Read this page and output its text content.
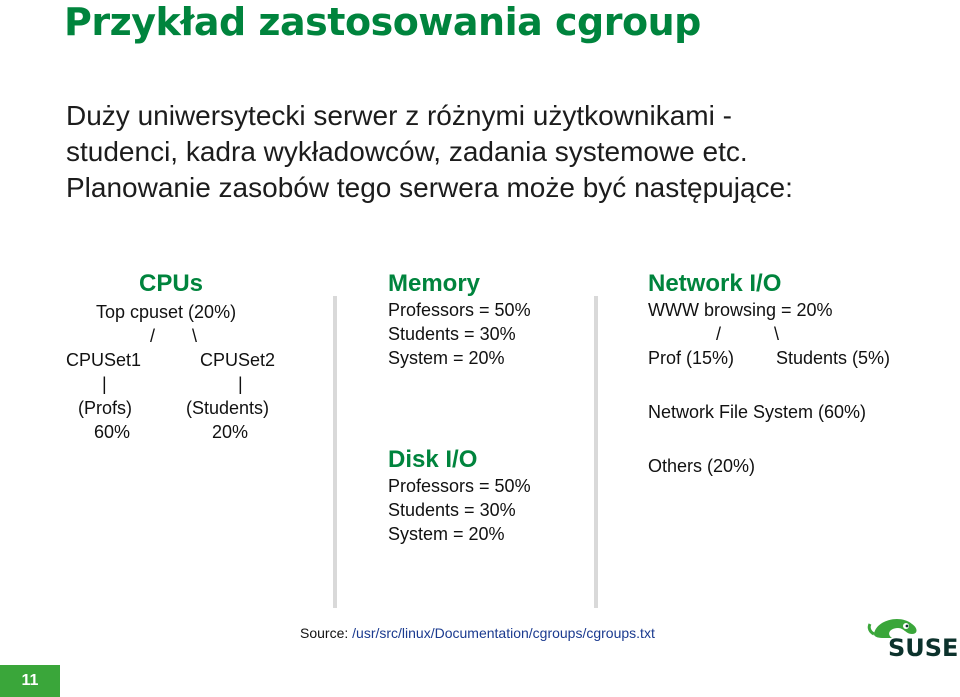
Przykład zastosowania cgroup
Duży uniwersytecki serwer z różnymi użytkownikami -
studenci, kadra wykładowców, zadania systemowe etc.
Planowanie zasobów tego serwera może być następujące:
CPUs
Top cpuset (20%)
/ \
CPUSet1	CPUSet2
|	|
(Profs)	(Students)
60%	20%
Memory
Professors = 50%
Students = 30%
System = 20%
Disk I/O
Professors = 50%
Students = 30%
System = 20%
Network I/O
WWW browsing = 20%
/	\
Prof (15%) Students (5%)
Network File System (60%)
Others (20%)
Source: /usr/src/linux/Documentation/cgroups/cgroups.txt
11
SUSE
